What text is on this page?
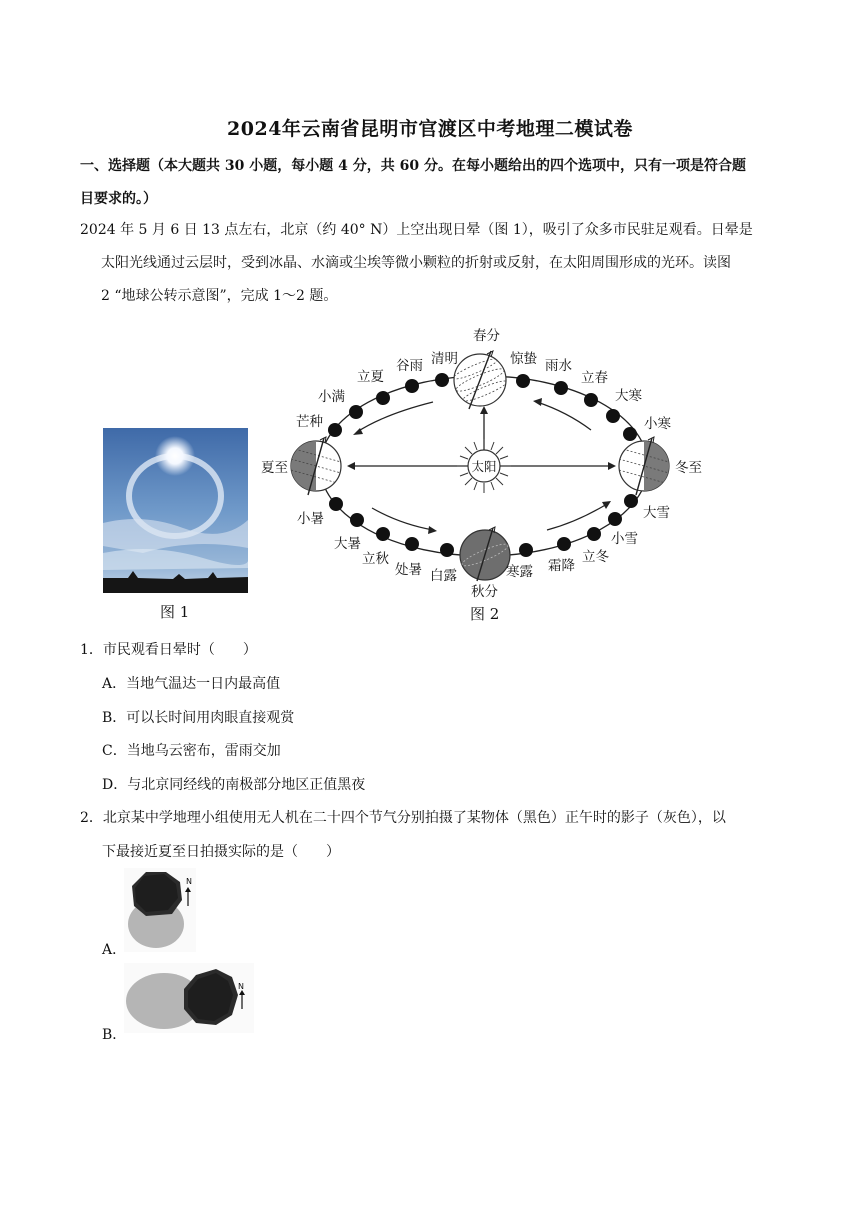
2024年云南省昆明市官渡区中考地理二模试卷
一、选择题（本大题共 30 小题，每小题 4 分，共 60 分。在每小题给出的四个选项中，只有一项是符合题
目要求的。）
2024 年 5 月 6 日 13 点左右，北京（约 40° N）上空出现日晕（图 1），吸引了众多市民驻足观看。日晕是
太阳光线通过云层时，受到冰晶、水滴或尘埃等微小颗粒的折射或反射，在太阳周围形成的光环。读图
2 “地球公转示意图”，完成 1～2 题。
图 1
太阳
春分
惊蛰 雨水
立春
大寒
小寒
冬至
大雪
小雪
立冬
霜降
寒露
秋分
白露
处暑
立秋
大暑
小暑
夏至
芒种
小满
立夏
谷雨 清明
图 2
1．市民观看日晕时（　　）
A．当地气温达一日内最高值
B．可以长时间用肉眼直接观赏
C．当地乌云密布，雷雨交加
D．与北京同经线的南极部分地区正值黑夜
2．北京某中学地理小组使用无人机在二十四个节气分别拍摄了某物体（黑色）正午时的影子（灰色），以
下最接近夏至日拍摄实际的是（　　）
N
A．
N
B．
